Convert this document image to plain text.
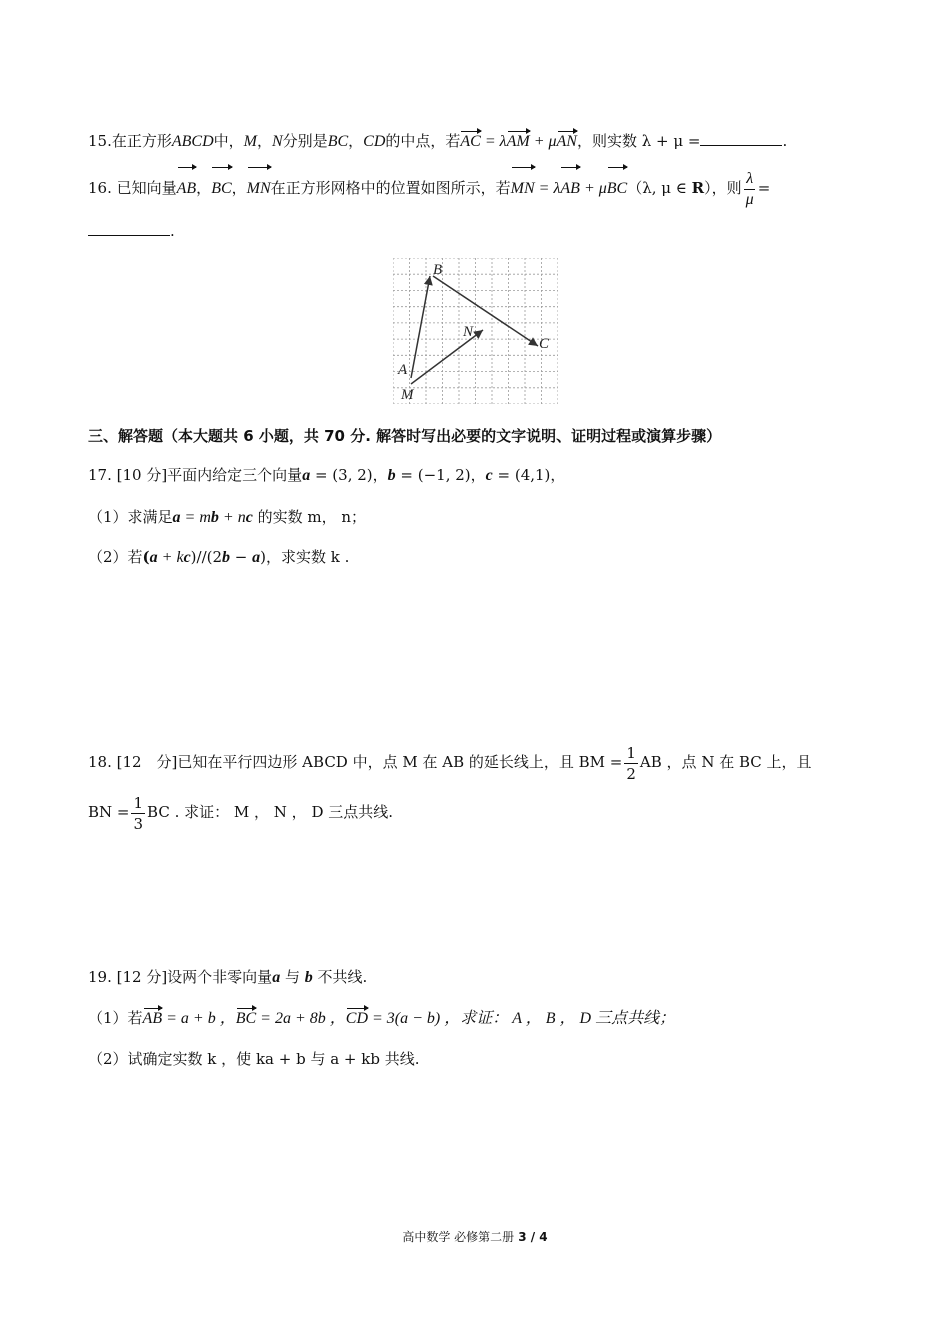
15.在正方形ABCD中，M，N分别是BC，CD的中点，若AC = λAM + μAN，则实数 λ + μ =	.
16. 已知向量AB，BC，MN在正方形网格中的位置如图所示，若MN = λAB + μBC（λ, μ ∈ R），则 $\frac{\lambda}{\mu}$ =
.
B
A
C
N
M
三、解答题（本大题共 6 小题，共 70 分. 解答时写出必要的文字说明、证明过程或演算步骤）
17. [10 分]平面内给定三个向量a = (3, 2)，b = (−1, 2)，c = (4,1)，
（1）求满足a = mb + nc 的实数 m， n；
（2）若(a + kc)//(2b − a)，求实数 k .
18. [12　分]已知在平行四边形 ABCD 中，点 M 在 AB 的延长线上，且 BM = $\frac{1}{2}$ AB ，点 N 在 BC 上，且
BN = $\frac{1}{3}$ BC . 求证： M ， N ， D 三点共线.
19. [12 分]设两个非零向量a 与 b 不共线.
（1）若AB = a + b ，BC = 2a + 8b ，CD = 3(a − b) ，求证： A ， B ， D 三点共线；
（2）试确定实数 k ，使 ka + b 与 a + kb 共线.
高中数学 必修第二册 3 / 4
